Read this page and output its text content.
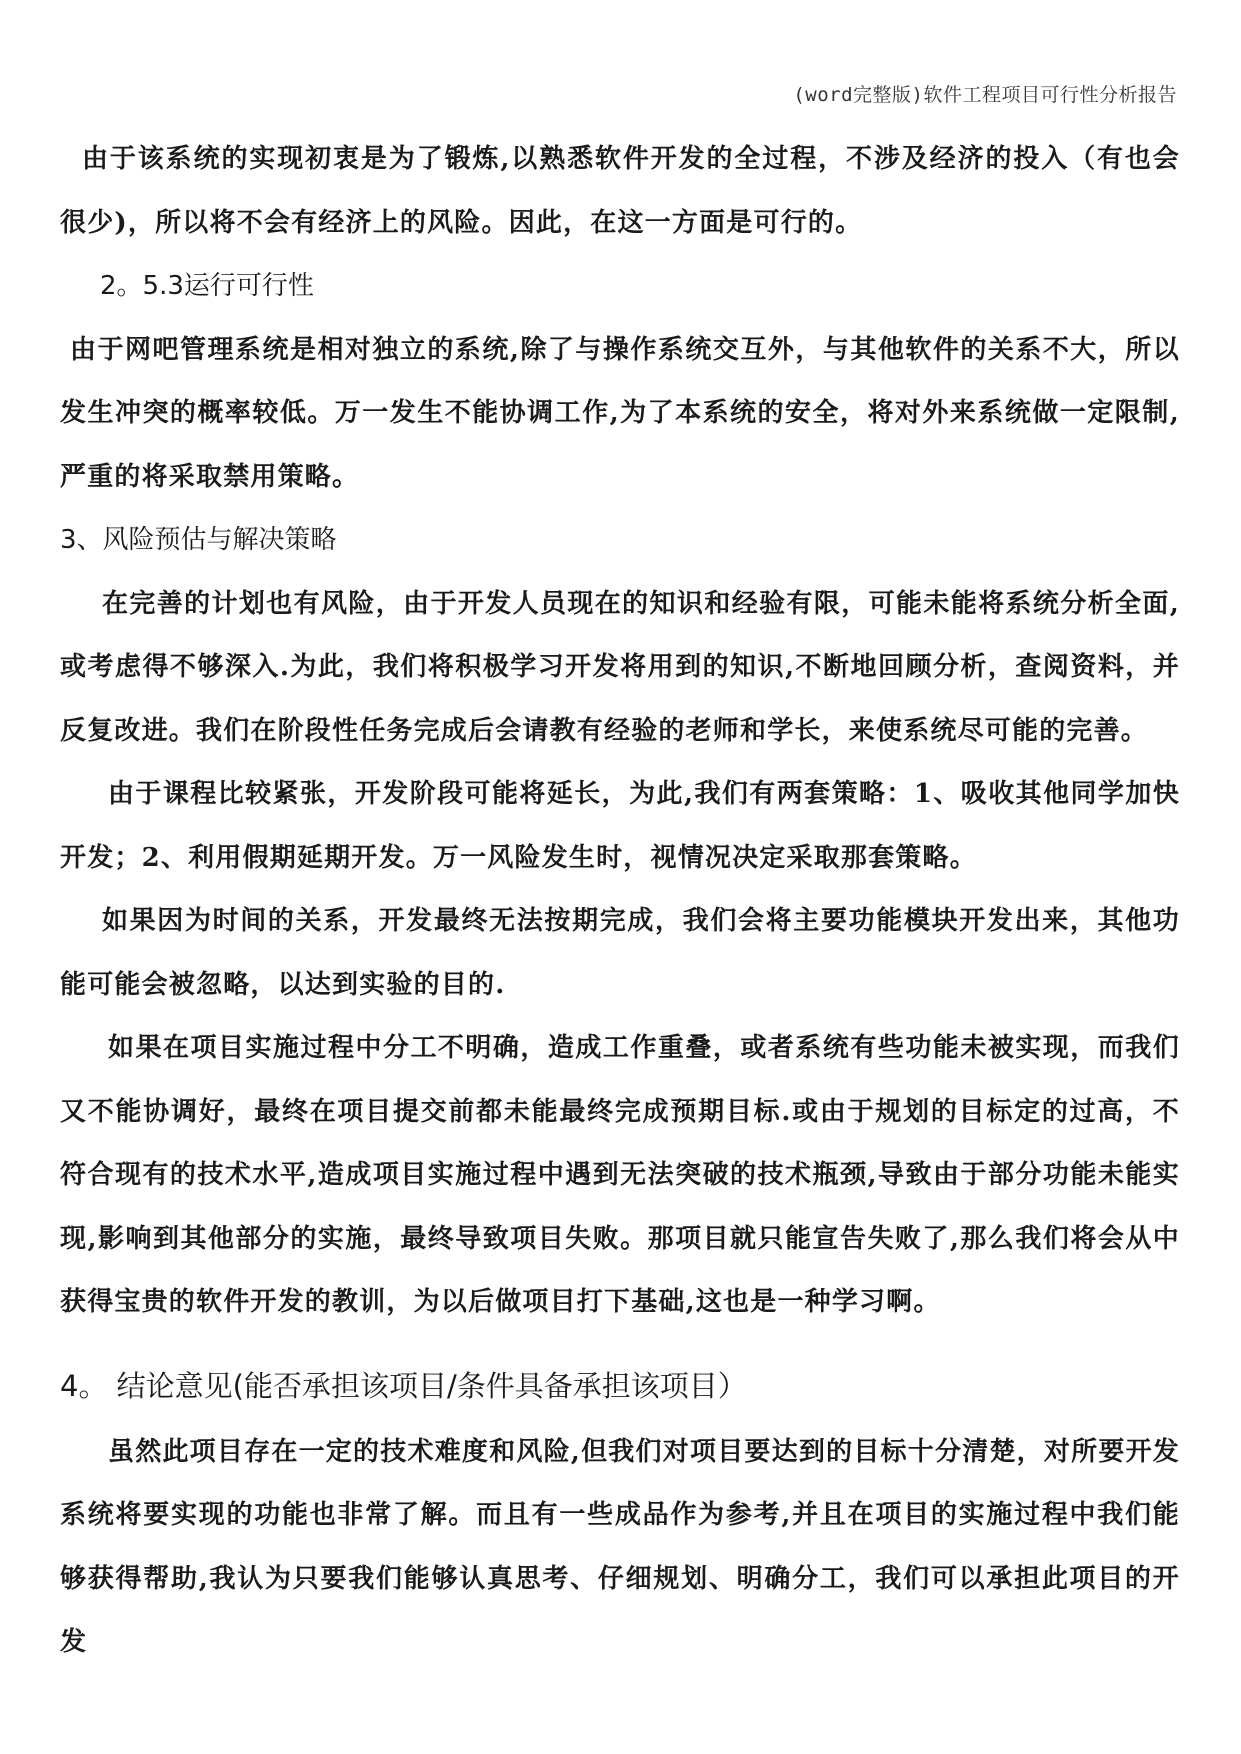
(word完整版)软件工程项目可行性分析报告

由于该系统的实现初衷是为了锻炼,以熟悉软件开发的全过程，不涉及经济的投入（有也会很少)，所以将不会有经济上的风险。因此，在这一方面是可行的。

2。5.3运行可行性

由于网吧管理系统是相对独立的系统,除了与操作系统交互外，与其他软件的关系不大，所以发生冲突的概率较低。万一发生不能协调工作,为了本系统的安全，将对外来系统做一定限制,严重的将采取禁用策略。

3、风险预估与解决策略

在完善的计划也有风险，由于开发人员现在的知识和经验有限，可能未能将系统分析全面,或考虑得不够深入.为此，我们将积极学习开发将用到的知识,不断地回顾分析，查阅资料，并反复改进。我们在阶段性任务完成后会请教有经验的老师和学长，来使系统尽可能的完善。

由于课程比较紧张，开发阶段可能将延长，为此,我们有两套策略：1、吸收其他同学加快开发；2、利用假期延期开发。万一风险发生时，视情况决定采取那套策略。

如果因为时间的关系，开发最终无法按期完成，我们会将主要功能模块开发出来，其他功能可能会被忽略，以达到实验的目的.

如果在项目实施过程中分工不明确，造成工作重叠，或者系统有些功能未被实现，而我们又不能协调好，最终在项目提交前都未能最终完成预期目标.或由于规划的目标定的过高，不符合现有的技术水平,造成项目实施过程中遇到无法突破的技术瓶颈,导致由于部分功能未能实现,影响到其他部分的实施，最终导致项目失败。那项目就只能宣告失败了,那么我们将会从中获得宝贵的软件开发的教训，为以后做项目打下基础,这也是一种学习啊。

4。 结论意见(能否承担该项目/条件具备承担该项目）

虽然此项目存在一定的技术难度和风险,但我们对项目要达到的目标十分清楚，对所要开发系统将要实现的功能也非常了解。而且有一些成品作为参考,并且在项目的实施过程中我们能够获得帮助,我认为只要我们能够认真思考、仔细规划、明确分工，我们可以承担此项目的开发
